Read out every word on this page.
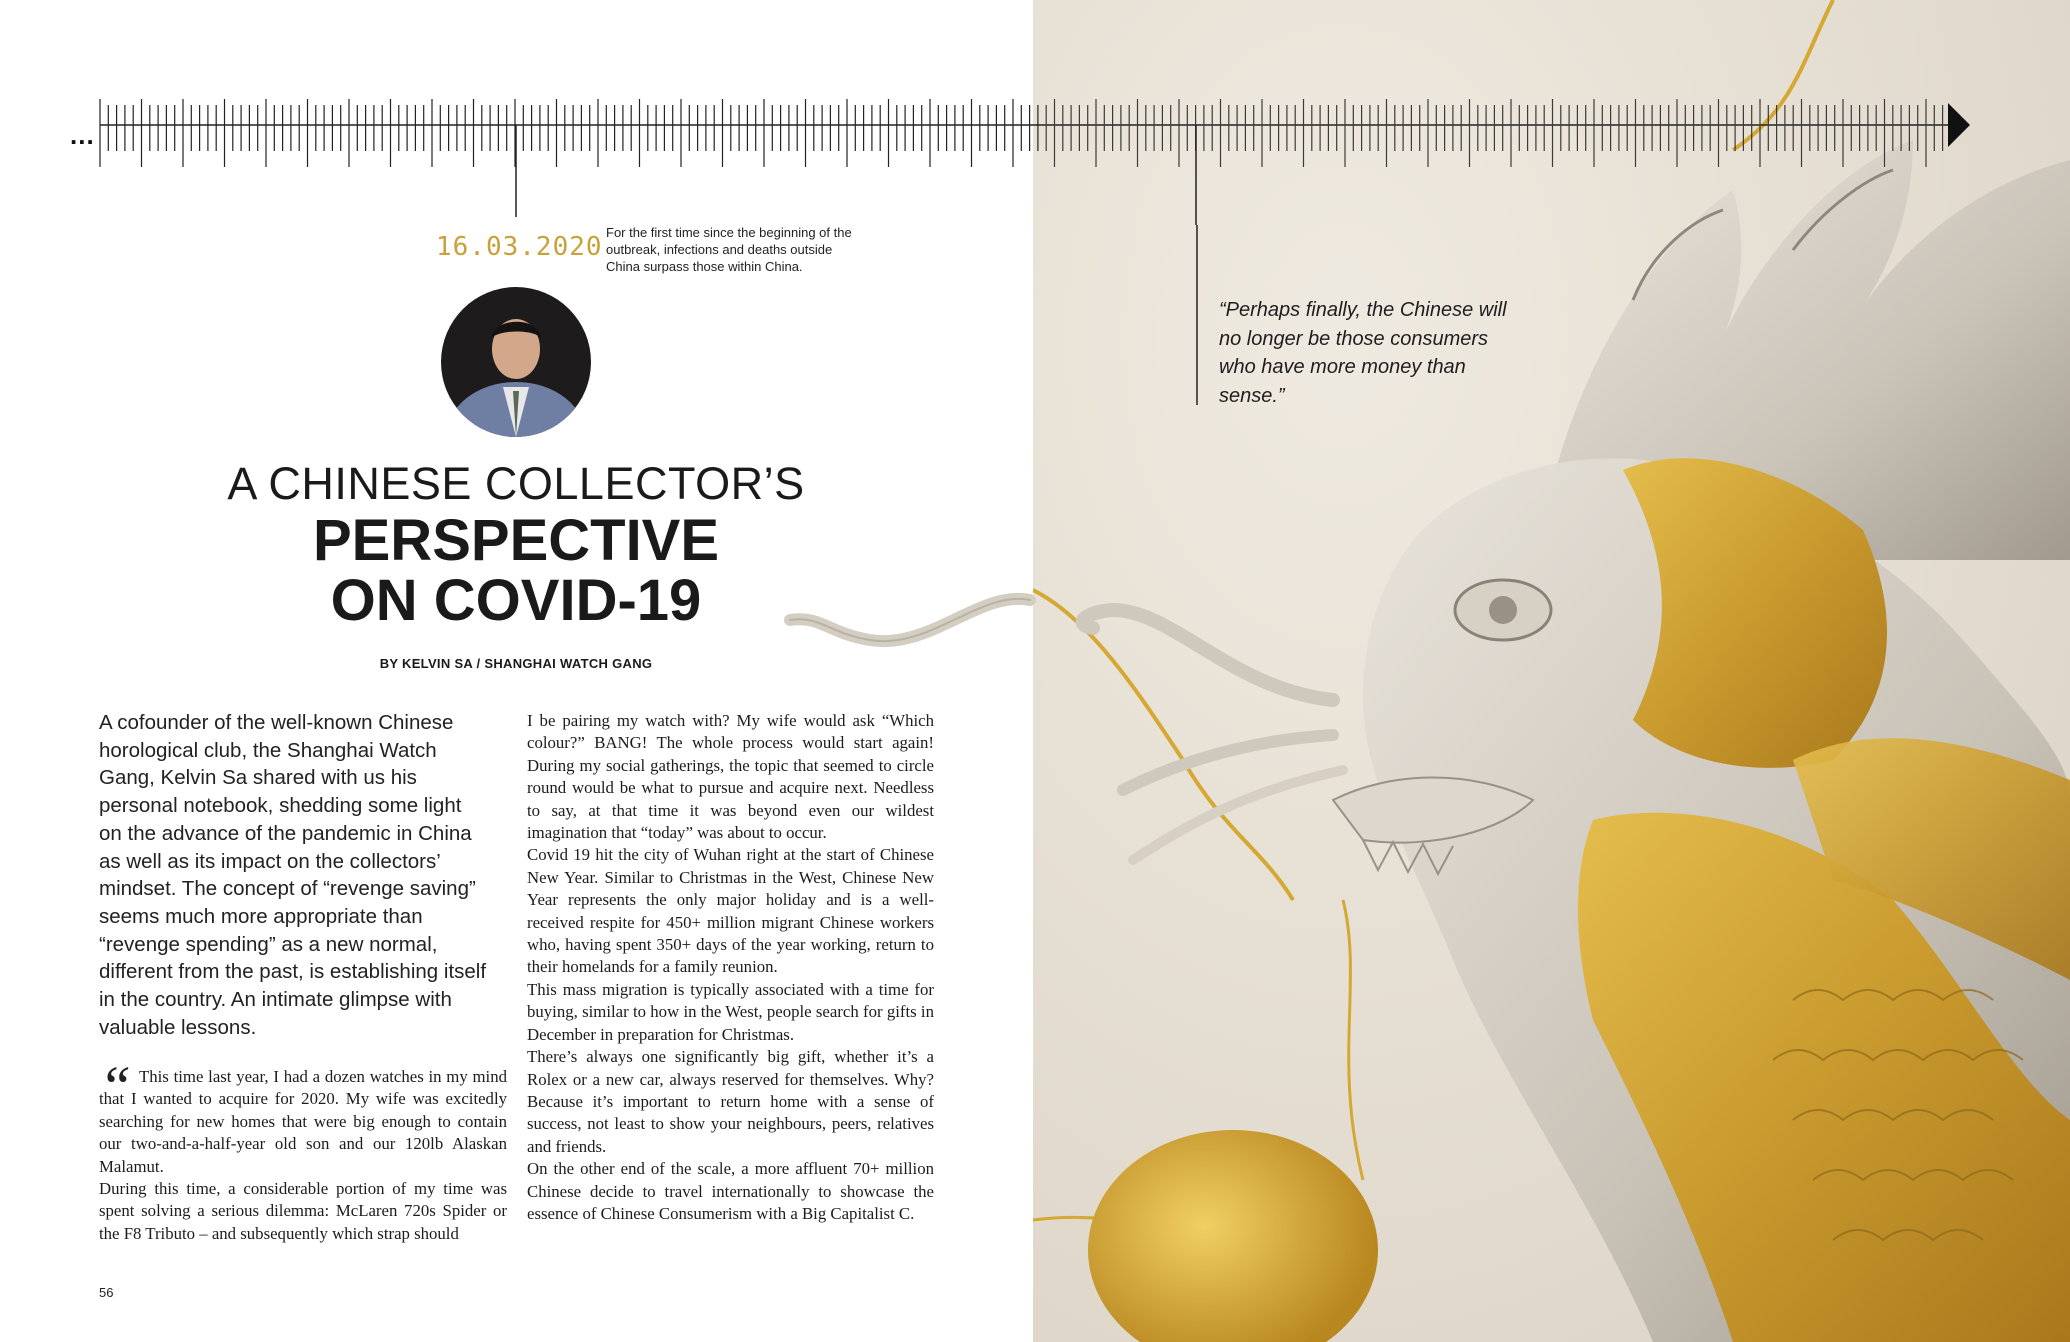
...
16.03.2020 For the first time since the beginning of the outbreak, infections and deaths outside China surpass those within China.
A CHINESE COLLECTOR’S
PERSPECTIVE
ON COVID-19
BY KELVIN SA / SHANGHAI WATCH GANG
A cofounder of the well-known Chinese horological club, the Shanghai Watch Gang, Kelvin Sa shared with us his personal notebook, shedding some light on the advance of the pandemic in China as well as its impact on the collectors’ mindset. The concept of “revenge saving” seems much more appropriate than “revenge spending” as a new normal, different from the past, is establishing itself in the country. An intimate glimpse with valuable lessons.
“ This time last year, I had a dozen watches in my mind that I wanted to acquire for 2020. My wife was excitedly searching for new homes that were big enough to contain our two-and-a-half-year old son and our 120lb Alaskan Malamut.

During this time, a considerable portion of my time was spent solving a serious dilemma: McLaren 720s Spider or the F8 Tributo – and subsequently which strap should

I be pairing my watch with? My wife would ask “Which colour?” BANG! The whole process would start again! During my social gatherings, the topic that seemed to circle round would be what to pursue and acquire next. Needless to say, at that time it was beyond even our wildest imagination that “today” was about to occur.

Covid 19 hit the city of Wuhan right at the start of Chinese New Year. Similar to Christmas in the West, Chinese New Year represents the only major holiday and is a well-received respite for 450+ million migrant Chinese workers who, having spent 350+ days of the year working, return to their homelands for a family reunion.

This mass migration is typically associated with a time for buying, similar to how in the West, people search for gifts in December in preparation for Christmas.

There’s always one significantly big gift, whether it’s a Rolex or a new car, always reserved for themselves. Why? Because it’s important to return home with a sense of success, not least to show your neighbours, peers, relatives and friends.

On the other end of the scale, a more affluent 70+ million Chinese decide to travel internationally to showcase the essence of Chinese Consumerism with a Big Capitalist C.

56
“Perhaps finally, the Chinese will no longer be those consumers who have more money than sense.”
